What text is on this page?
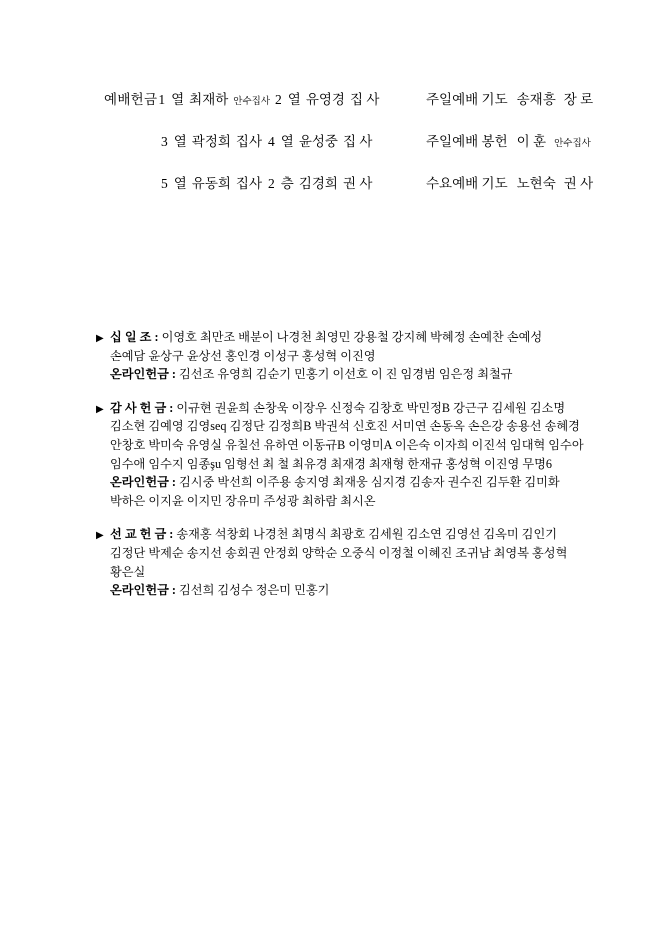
예배헌금 1 열 최재하 안수집사 2 열 유영경 집 사
3 열 곽정희 집사 4 열 윤성중 집 사
5 열 유동희 집사 2 층 김경희 권 사
주일예배 기도 송재흥 장 로
주일예배 봉헌 이 훈 안수집사
수요예배 기도 노현숙 권 사
▶ 십 일 조 : 이영호 최만조 배분이 나경천 최영민 강용철 강지혜 박혜정 손예찬 손예성

손예담 윤상구 윤상선 홍인경 이성구 홍성혁 이진영

온라인헌금 : 김선조 유영희 김순기 민홍기 이선호 이 진 임경범 임은정 최철규

▶ 감 사 헌 금 : 이규현 권윤희 손창욱 이장우 신정숙 김창호 박민정B 강근구 김세원 김소명

김소현 김예영 김영seq 김정단 김정희B 박권석 신호진 서미연 손동옥 손은강 송용선 송혜경

안창호 박미숙 유영실 유칠선 유하연 이동규B 이영미A 이은숙 이자희 이진석 임대혁 임수아

임수애 임수지 임종şu 임형선 최 철 최유경 최재경 최재형 한재규 홍성혁 이진영 무명6

온라인헌금 : 김시중 박선희 이주용 송지영 최재웅 심지경 김송자 권수진 김두환 김미화

박하은 이지윤 이지민 장유미 주성광 최하람 최시온

▶ 선 교 헌 금 : 송재홍 석창회 나경천 최명식 최광호 김세원 김소연 김영선 김옥미 김인기

김정단 박제순 송지선 송회권 안정회 양학순 오중식 이정철 이혜진 조귀남 최영복 홍성혁

황은실

온라인헌금 : 김선희 김성수 정은미 민홍기
